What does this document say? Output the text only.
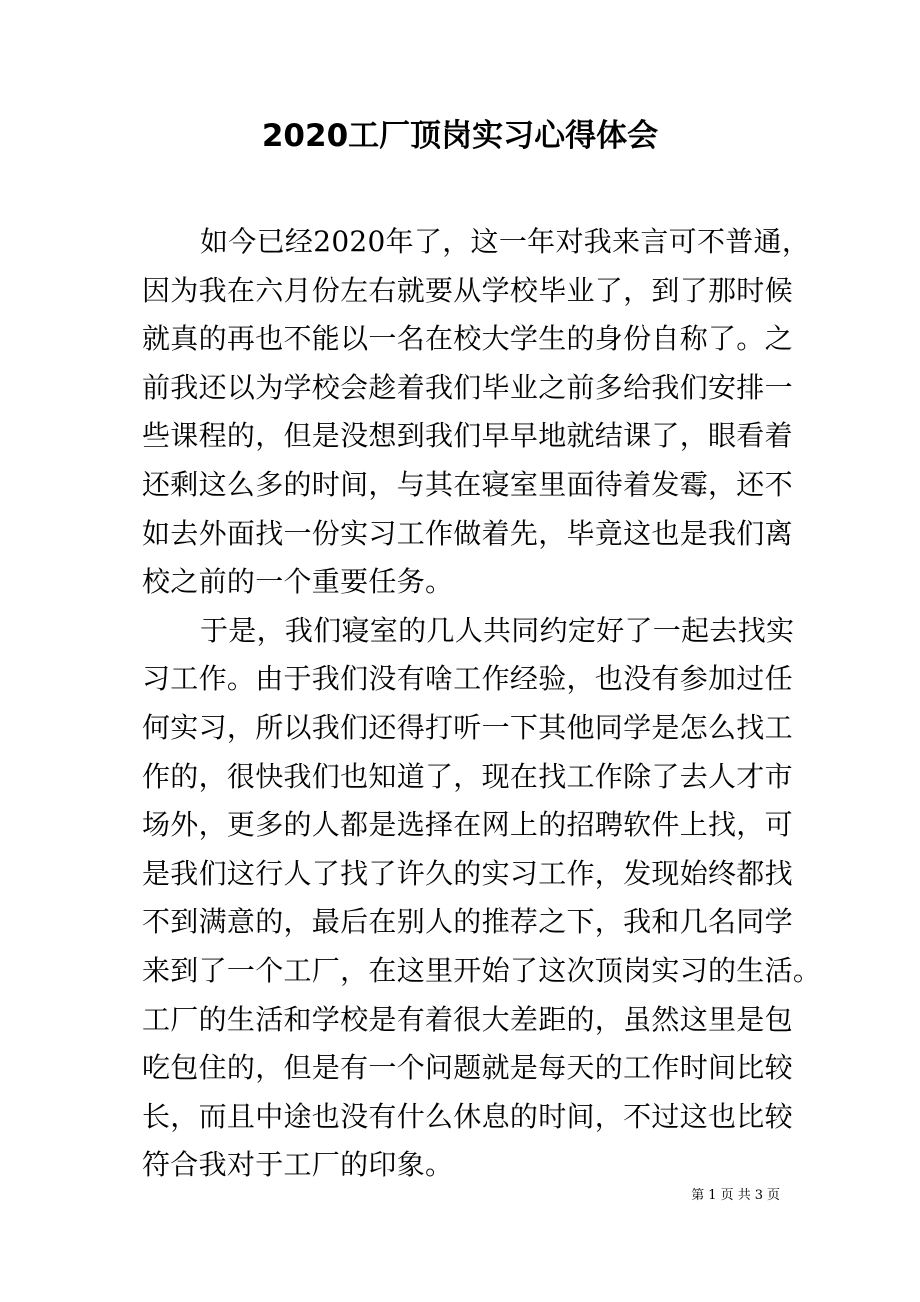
2020工厂顶岗实习心得体会
如今已经2020年了，这一年对我来言可不普通，
因为我在六月份左右就要从学校毕业了，到了那时候
就真的再也不能以一名在校大学生的身份自称了。之
前我还以为学校会趁着我们毕业之前多给我们安排一
些课程的，但是没想到我们早早地就结课了，眼看着
还剩这么多的时间，与其在寝室里面待着发霉，还不
如去外面找一份实习工作做着先，毕竟这也是我们离
校之前的一个重要任务。
于是，我们寝室的几人共同约定好了一起去找实
习工作。由于我们没有啥工作经验，也没有参加过任
何实习，所以我们还得打听一下其他同学是怎么找工
作的，很快我们也知道了，现在找工作除了去人才市
场外，更多的人都是选择在网上的招聘软件上找，可
是我们这行人了找了许久的实习工作，发现始终都找
不到满意的，最后在别人的推荐之下，我和几名同学
来到了一个工厂，在这里开始了这次顶岗实习的生活。
工厂的生活和学校是有着很大差距的，虽然这里是包
吃包住的，但是有一个问题就是每天的工作时间比较
长，而且中途也没有什么休息的时间，不过这也比较
符合我对于工厂的印象。
第 1 页 共 3 页
